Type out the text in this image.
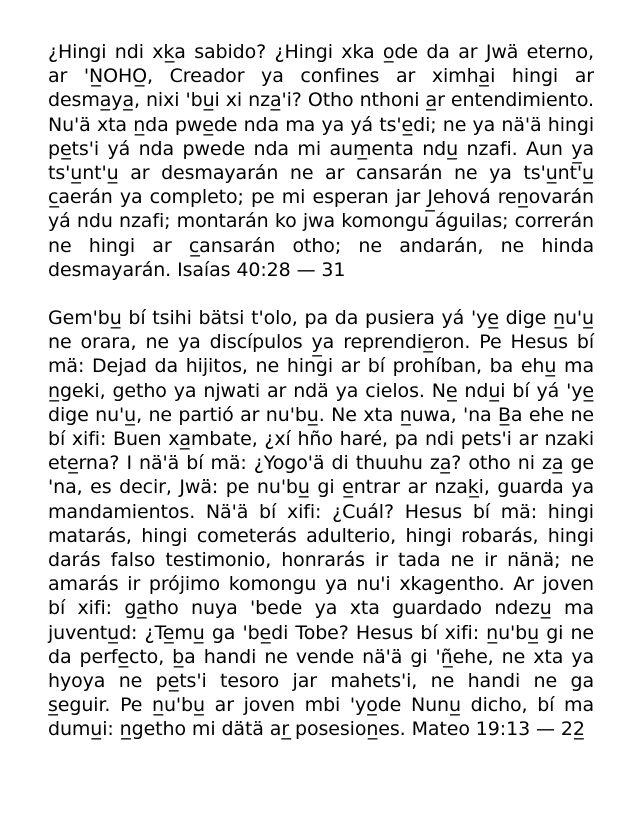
¿Hingi ndi xk̲a sabido? ¿Hingi xka o̲de da ar Jwä eterno, ar 'N̲OHO̲, Creador ya confines ar ximha̲i hingi ar desma̲ya̲, nixi 'bu̲i xi nza̲'i? Otho nthoni a̲r entendimiento. Nu'ä xta n̲da pwe̲de nda ma ya yá ts'e̲di; ne ya nä'ä hingi pe̲ts'i yá nda pwede nda mi aum̲enta ndu̲ nzafi. Aun y̲a ts'u̲nt'u̲ ar desmayarán ne ar cansarán ne ya ts'u̲nt'u̲ c̲aerán ya completo; pe mi esperan jar J̲ehová ren̲ovarán yá ndu nzafi; montarán ko jwa komongu águilas; correrán ne hingi ar c̲ansarán otho; ne andarán, ne hinda desmayarán. Isaías 40:28 — 31

Gem'bu̲ bí tsihi bätsi t'olo, pa da pusiera yá 'ye̲ dige n̲u'u̲ ne orara, ne ya discípulos y̲a reprendie̲ron. Pe Hesus bí mä: Dejad da hijitos, ne hingi ar bí prohíban, ba ehu̲ ma n̲geki, getho ya njwati ar ndä ya cielos. Ne̲ ndu̲i bí yá 'ye̲ dige nu'u̲, ne partió ar nu'bu̲. Ne xta n̲uwa, 'na B̲a ehe ne bí xifi: Buen xa̲mbate, ¿xí hño haré, pa ndi pets'i ar nzaki ete̲rna? I nä'ä bí mä: ¿Yogo'ä di thuuhu za̲? otho ni za̲ ge 'na, es decir, Jwä: pe nu'bu̲ gi e̲ntrar ar nzak̲i, guarda ya mandamientos. Nä'ä bí xifi: ¿Cuál? Hesus bí mä: hingi matarás, hingi cometerás adulterio, hingi robarás, hingi darás falso testimonio, honrarás ir tada ne ir nänä; ne amarás ir prójimo komongu ya nu'i xkagentho. Ar joven bí xifi: ga̲tho nuya 'bede ya xta guardado ndezu̲ ma juventu̲d: ¿Te̲mu̲ ga 'be̲di Tobe? Hesus bí xifi: n̲u'bu̲ gi ne da perfe̲cto, b̲a handi ne vende nä'ä gi 'ñ̲ehe, ne xta ya hyoya ne pe̲ts'i tesoro jar mahets'i, ne handi ne ga s̲eguir. Pe n̲u'bu̲ ar joven mbi 'yo̲de Nunu̲ dicho, bí ma dumu̲i: n̲getho mi dätä ar̲ posesion̲es. Mateo 19:13 — 22̲
